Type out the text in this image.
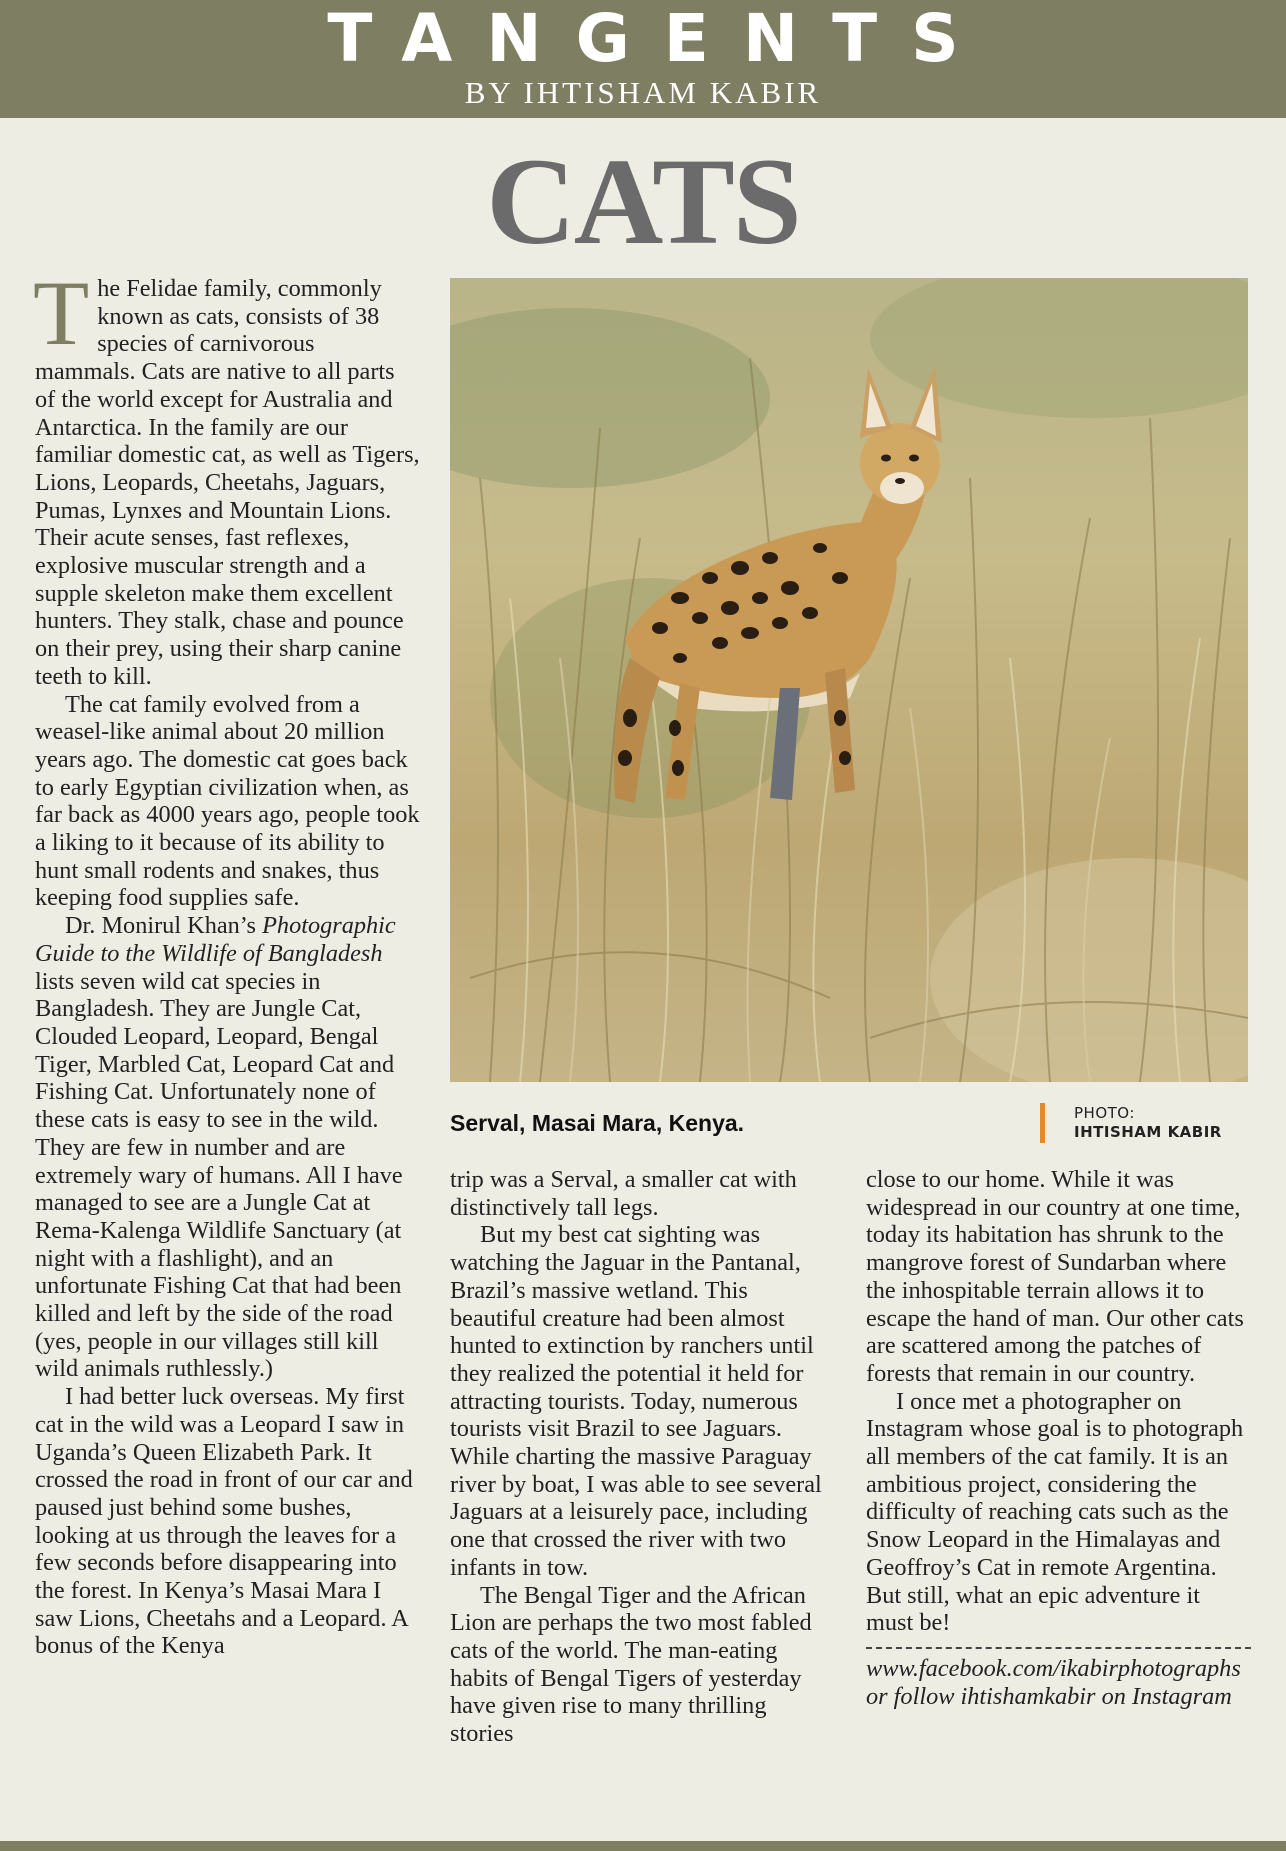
TANGENTS
BY IHTISHAM KABIR
CATS

The Felidae family, commonly known as cats, consists of 38 species of carnivorous mammals. Cats are native to all parts of the world except for Australia and Antarctica. In the family are our familiar domestic cat, as well as Tigers, Lions, Leopards, Cheetahs, Jaguars, Pumas, Lynxes and Mountain Lions. Their acute senses, fast reflexes, explosive muscular strength and a supple skeleton make them excellent hunters. They stalk, chase and pounce on their prey, using their sharp canine teeth to kill.

The cat family evolved from a weasel-like animal about 20 million years ago. The domestic cat goes back to early Egyptian civilization when, as far back as 4000 years ago, people took a liking to it because of its ability to hunt small rodents and snakes, thus keeping food supplies safe.

Dr. Monirul Khan’s Photographic Guide to the Wildlife of Bangladesh lists seven wild cat species in Bangladesh. They are Jungle Cat, Clouded Leopard, Leopard, Bengal Tiger, Marbled Cat, Leopard Cat and Fishing Cat. Unfortunately none of these cats is easy to see in the wild. They are few in number and are extremely wary of humans. All I have managed to see are a Jungle Cat at Rema-Kalenga Wildlife Sanctuary (at night with a flashlight), and an unfortunate Fishing Cat that had been killed and left by the side of the road (yes, people in our villages still kill wild animals ruthlessly.)

I had better luck overseas. My first cat in the wild was a Leopard I saw in Uganda’s Queen Elizabeth Park. It crossed the road in front of our car and paused just behind some bushes, looking at us through the leaves for a few seconds before disappearing into the forest. In Kenya’s Masai Mara I saw Lions, Cheetahs and a Leopard. A bonus of the Kenya

Serval, Masai Mara, Kenya.	PHOTO:
IHTISHAM KABIR

trip was a Serval, a smaller cat with distinctively tall legs.

But my best cat sighting was watching the Jaguar in the Pantanal, Brazil’s massive wetland. This beautiful creature had been almost hunted to extinction by ranchers until they realized the potential it held for attracting tourists. Today, numerous tourists visit Brazil to see Jaguars. While charting the massive Paraguay river by boat, I was able to see several Jaguars at a leisurely pace, including one that crossed the river with two infants in tow.

The Bengal Tiger and the African Lion are perhaps the two most fabled cats of the world. The man-eating habits of Bengal Tigers of yesterday have given rise to many thrilling stories

close to our home. While it was widespread in our country at one time, today its habitation has shrunk to the mangrove forest of Sundarban where the inhospitable terrain allows it to escape the hand of man. Our other cats are scattered among the patches of forests that remain in our country.

I once met a photographer on Instagram whose goal is to photograph all members of the cat family. It is an ambitious project, considering the difficulty of reaching cats such as the Snow Leopard in the Himalayas and Geoffroy’s Cat in remote Argentina. But still, what an epic adventure it must be!

www.facebook.com/ikabirphotographs

or follow ihtishamkabir on Instagram
